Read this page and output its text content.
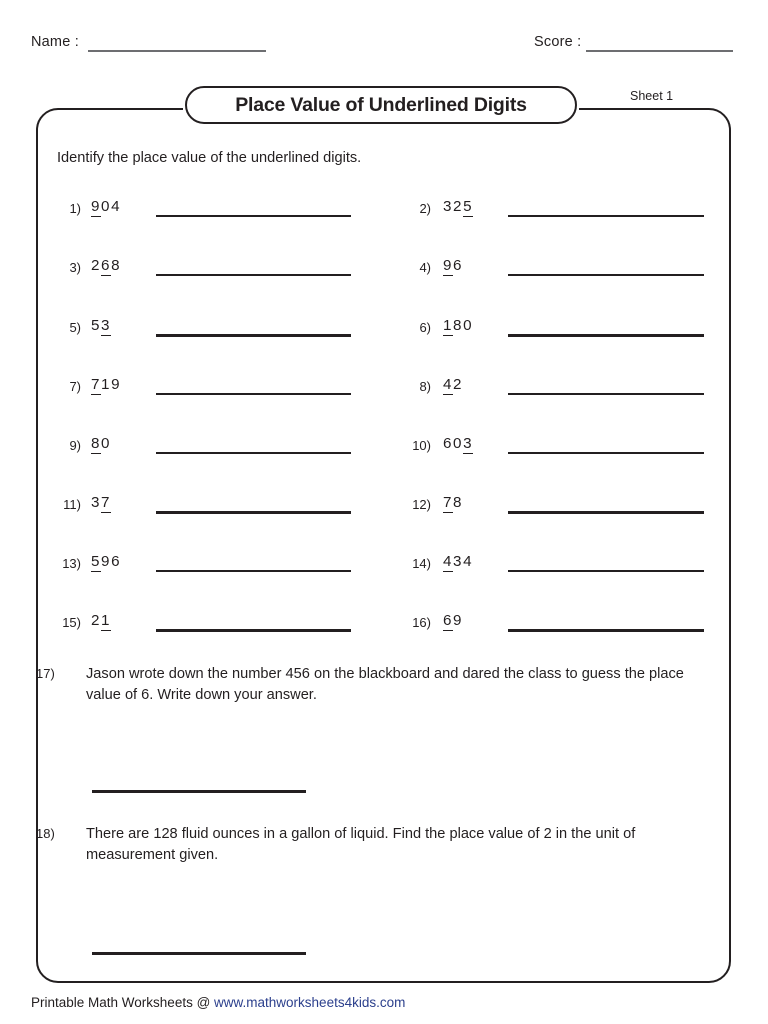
Name :	Score :
Place Value of Underlined Digits	Sheet 1
Identify the place value of the underlined digits.
1) 904	2) 325
3) 268	4) 96
5) 53	6) 180
7) 719	8) 42
9) 80	10) 603
11) 37	12) 78
13) 596	14) 434
15) 21	16) 69
17)	Jason wrote down the number 456 on the blackboard and dared the class to guess the place value of 6. Write down your answer.
18)	There are 128 fluid ounces in a gallon of liquid. Find the place value of 2 in the unit of measurement given.
Printable Math Worksheets @ www.mathworksheets4kids.com
